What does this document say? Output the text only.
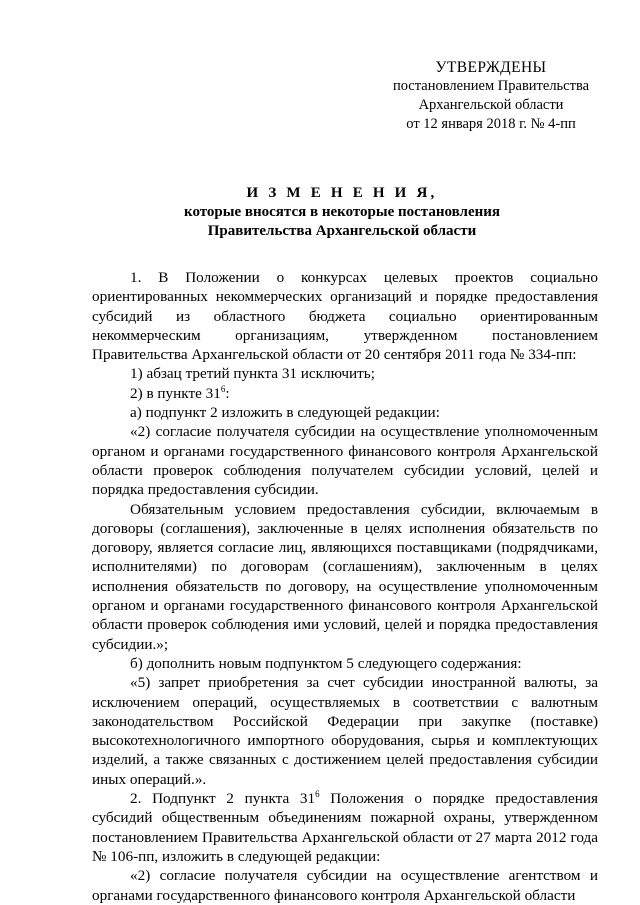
УТВЕРЖДЕНЫ
постановлением Правительства
Архангельской области
от 12 января 2018 г. № 4-пп
И З М Е Н Е Н И Я,
которые вносятся в некоторые постановления
Правительства Архангельской области

1. В Положении о конкурсах целевых проектов социально ориентированных некоммерческих организаций и порядке предоставления субсидий из областного бюджета социально ориентированным некоммерческим организациям, утвержденном постановлением Правительства Архангельской области от 20 сентября 2011 года № 334-пп:

1) абзац третий пункта 31 исключить;

2) в пункте $31^6$:

а) подпункт 2 изложить в следующей редакции:

«2) согласие получателя субсидии на осуществление уполномоченным органом и органами государственного финансового контроля Архангельской области проверок соблюдения получателем субсидии условий, целей и порядка предоставления субсидии.

Обязательным условием предоставления субсидии, включаемым в договоры (соглашения), заключенные в целях исполнения обязательств по договору, является согласие лиц, являющихся поставщиками (подрядчиками, исполнителями) по договорам (соглашениям), заключенным в целях исполнения обязательств по договору, на осуществление уполномоченным органом и органами государственного финансового контроля Архангельской области проверок соблюдения ими условий, целей и порядка предоставления субсидии.»;

б) дополнить новым подпунктом 5 следующего содержания:

«5) запрет приобретения за счет субсидии иностранной валюты, за исключением операций, осуществляемых в соответствии с валютным законодательством Российской Федерации при закупке (поставке) высокотехнологичного импортного оборудования, сырья и комплектующих изделий, а также связанных с достижением целей предоставления субсидии иных операций.».

2. Подпункт 2 пункта $31^6$ Положения о порядке предоставления субсидий общественным объединениям пожарной охраны, утвержденном постановлением Правительства Архангельской области от 27 марта 2012 года № 106-пп, изложить в следующей редакции:

«2) согласие получателя субсидии на осуществление агентством и органами государственного финансового контроля Архангельской области
